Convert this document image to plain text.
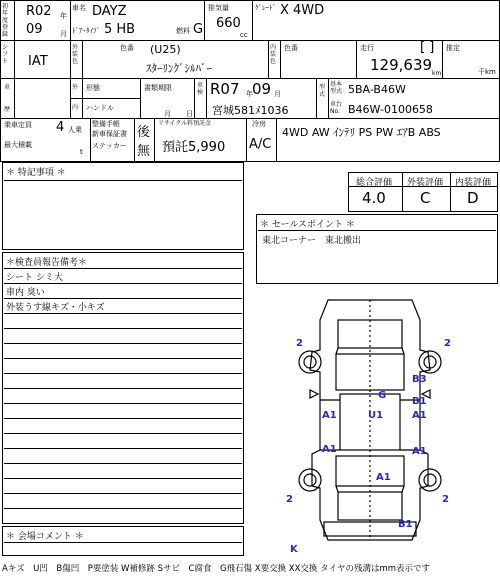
初年度登録
R02 年
車名 DAYZ
09 月 ﾄﾞｱ･ﾀｲﾌﾟ 5 HB	燃料 G
排気量
660
cc
ｸﾞﾚｰﾄﾞ X 4WD
シフト	IAT
外装色
色番 (U25)
ｽﾀｰﾘﾝｸﾞｼﾙﾊﾞｰ
内装色
色番	走行	[ ]
129,639 km
推定
千km
車
歴
外
内
形態
ハンドル
書類期限
月 日
車検 R07 年 09 月
宮城581ﾒ1036
型式
基本型式 5BA-B46W
車台No. B46W-0100658
乗車定員 4 人乗
最大積載
t
整備手帳
新車保証書
ステッカー
後
無
リサイクル料預託金
預託5,990
冷房
A/C
4WD AW ｲﾝﾃﾘ PS PW ｴｱB ABS
＊ 特記事項 ＊
＊検査員報告備考＊
シート シミ大
車内 臭い
外装うす線キズ・小キズ
＊ 会場コメント ＊
総合評価 外装評価 内装評価
4.0 C D
＊ セールスポイント ＊
東北コーナー　東北搬出
2	2
G
B3
B1
A1
A1	U1
A1
A1
A1
2	2
B1
K
Aキズ　U凹　B傷凹　P要塗装 W補修跡 Sサビ　C腐食　G飛石傷 X要交換 XX交換 タイヤの残溝はmm表示です
